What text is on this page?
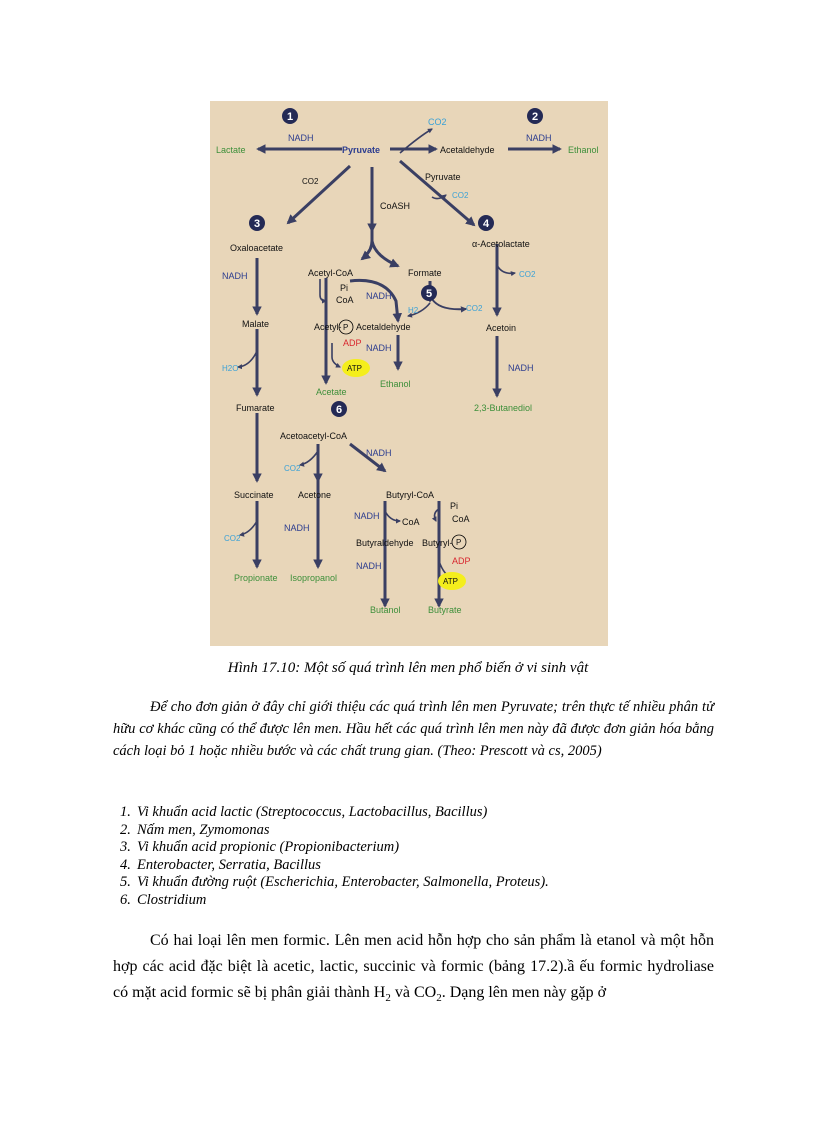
1	2
3	4
5
6
Pyruvate
Lactate
NADH
CO2
Acetaldehyde
NADH
Ethanol
CO2	Pyruvate
CO2
CoASH
Oxaloacetate
Acetyl-CoA	Formate
α-Acetolactate
NADH
Pi
CoA NADH
H2	CO2
CO2
Malate	Acetyl- P Acetaldehyde	Acetoin
ADP NADH
NADH
H2O	ATP
Acetate
Ethanol
2,3-Butanediol
Fumarate
Acetoacetyl-CoA
NADH
CO2
Succinate	Acetone	Butyryl-CoA
Pi
NADH
CoA	CoA
NADH
CO2	Butyraldehyde Butyryl- P
ADP
NADH
Propionate Isopropanol	ATP
Butanol	Butyrate
Hình 17.10: Một số quá trình lên men phổ biến ở vi sinh vật

Để cho đơn giản ở đây chỉ giới thiệu các quá trình lên men Pyruvate; trên thực tế nhiều phân tử hữu cơ khác cũng có thể được lên men. Hầu hết các quá trình lên men này đã được đơn giản hóa bằng cách loại bỏ 1 hoặc nhiều bước và các chất trung gian. (Theo: Prescott và cs, 2005)

1. Vi khuẩn acid lactic (Streptococcus, Lactobacillus, Bacillus)
2. Nấm men, Zymomonas
3. Vi khuẩn acid propionic (Propionibacterium)
4. Enterobacter, Serratia, Bacillus
5. Vi khuẩn đường ruột (Escherichia, Enterobacter, Salmonella, Proteus).
6. Clostridium

Có hai loại lên men formic. Lên men acid hỗn hợp cho sản phẩm là etanol và một hỗn hợp các acid đặc biệt là acetic, lactic, succinic và formic (bảng 17.2).ầ ếu formic hydroliase có mặt acid formic sẽ bị phân giải thành $H_2$ và $CO_2$. Dạng lên men này gặp ở
